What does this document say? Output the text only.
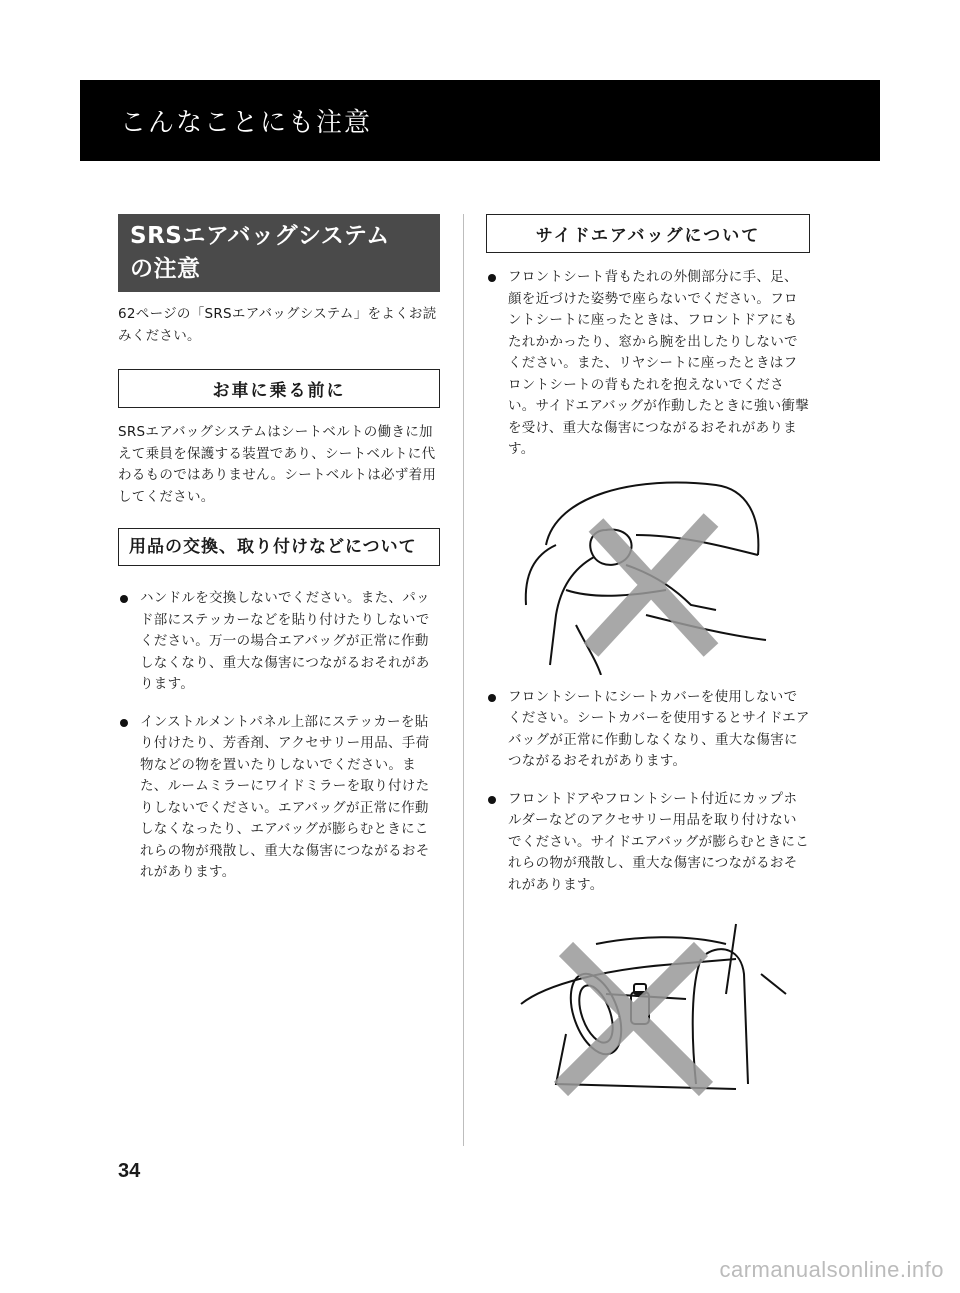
こんなことにも注意
SRSエアバッグシステム
の注意

62ページの「SRSエアバッグシステム」をよくお読みください。

お車に乗る前に

SRSエアバッグシステムはシートベルトの働きに加えて乗員を保護する装置であり、シートベルトに代わるものではありません。シートベルトは必ず着用してください。

用品の交換、取り付けなどについて
ハンドルを交換しないでください。また、パッド部にステッカーなどを貼り付けたりしないでください。万一の場合エアバッグが正常に作動しなくなり、重大な傷害につながるおそれがあります。
インストルメントパネル上部にステッカーを貼り付けたり、芳香剤、アクセサリー用品、手荷物などの物を置いたりしないでください。また、ルームミラーにワイドミラーを取り付けたりしないでください。エアバッグが正常に作動しなくなったり、エアバッグが膨らむときにこれらの物が飛散し、重大な傷害につながるおそれがあります。
サイドエアバッグについて
フロントシート背もたれの外側部分に手、足、顔を近づけた姿勢で座らないでください。フロントシートに座ったときは、フロントドアにもたれかかったり、窓から腕を出したりしないでください。また、リヤシートに座ったときはフロントシートの背もたれを抱えないでください。サイドエアバッグが作動したときに強い衝撃を受け、重大な傷害につながるおそれがあります。
フロントシートにシートカバーを使用しないでください。シートカバーを使用するとサイドエアバッグが正常に作動しなくなり、重大な傷害につながるおそれがあります。
フロントドアやフロントシート付近にカップホルダーなどのアクセサリー用品を取り付けないでください。サイドエアバッグが膨らむときにこれらの物が飛散し、重大な傷害につながるおそれがあります。
34
carmanualsonline.info
